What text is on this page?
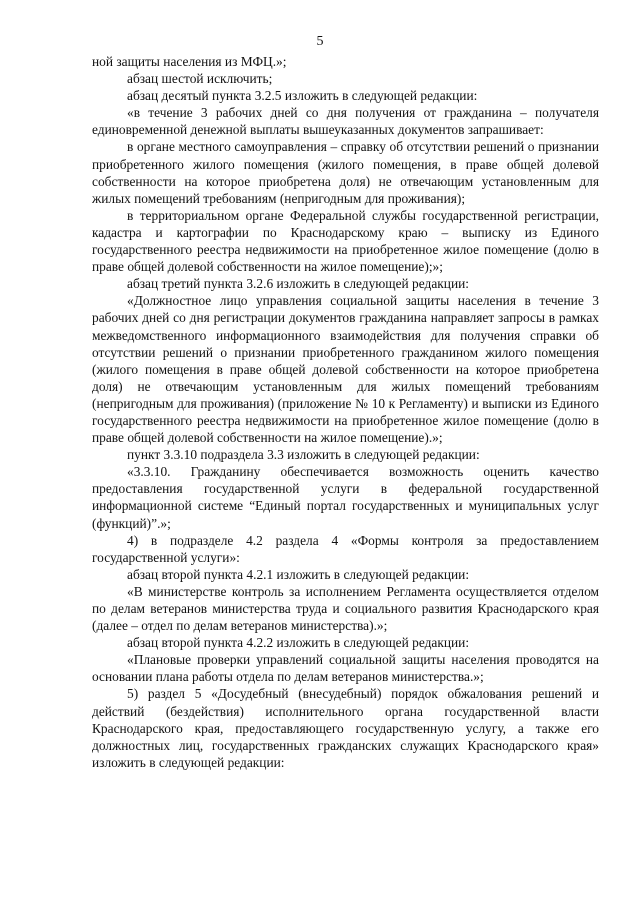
5

ной защиты населения из МФЦ.»;

абзац шестой исключить;

абзац десятый пункта 3.2.5 изложить в следующей редакции:

«в течение 3 рабочих дней со дня получения от гражданина – получателя единовременной денежной выплаты вышеуказанных документов запрашивает:

в органе местного самоуправления – справку об отсутствии решений о признании приобретенного жилого помещения (жилого помещения, в праве общей долевой собственности на которое приобретена доля) не отвечающим установленным для жилых помещений требованиям (непригодным для проживания);

в территориальном органе Федеральной службы государственной регистрации, кадастра и картографии по Краснодарскому краю – выписку из Единого государственного реестра недвижимости на приобретенное жилое помещение (долю в праве общей долевой собственности на жилое помещение);»;

абзац третий пункта 3.2.6 изложить в следующей редакции:

«Должностное лицо управления социальной защиты населения в течение 3 рабочих дней со дня регистрации документов гражданина направляет запросы в рамках межведомственного информационного взаимодействия для получения справки об отсутствии решений о признании приобретенного гражданином жилого помещения (жилого помещения в праве общей долевой собственности на которое приобретена доля) не отвечающим установленным для жилых помещений требованиям (непригодным для проживания) (приложение № 10 к Регламенту) и выписки из Единого государственного реестра недвижимости на приобретенное жилое помещение (долю в праве общей долевой собственности на жилое помещение).»;

пункт 3.3.10 подраздела 3.3 изложить в следующей редакции:

«3.3.10. Гражданину обеспечивается возможность оценить качество предоставления государственной услуги в федеральной государственной информационной системе “Единый портал государственных и муниципальных услуг (функций)”.»;

4) в подразделе 4.2 раздела 4 «Формы контроля за предоставлением государственной услуги»:

абзац второй пункта 4.2.1 изложить в следующей редакции:

«В министерстве контроль за исполнением Регламента осуществляется отделом по делам ветеранов министерства труда и социального развития Краснодарского края (далее – отдел по делам ветеранов министерства).»;

абзац второй пункта 4.2.2 изложить в следующей редакции:

«Плановые проверки управлений социальной защиты населения проводятся на основании плана работы отдела по делам ветеранов министерства.»;

5) раздел 5 «Досудебный (внесудебный) порядок обжалования решений и действий (бездействия) исполнительного органа государственной власти Краснодарского края, предоставляющего государственную услугу, а также его должностных лиц, государственных гражданских служащих Краснодарского края» изложить в следующей редакции:
